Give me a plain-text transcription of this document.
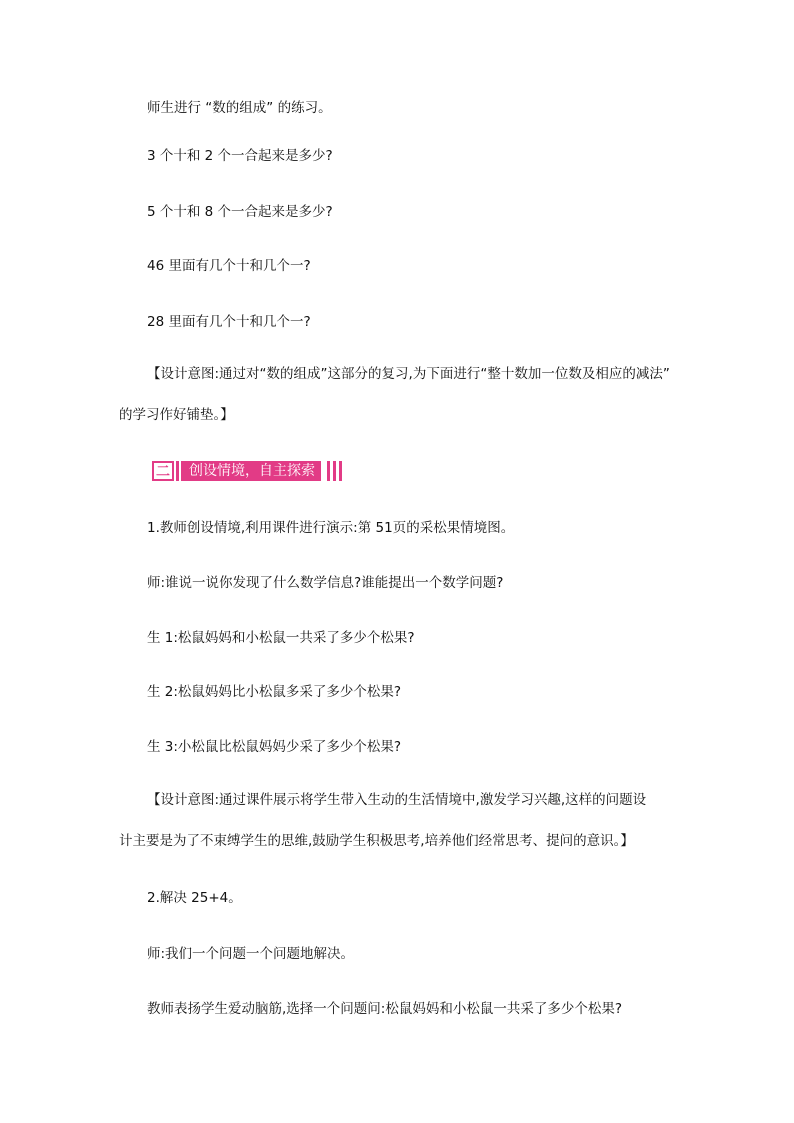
师生进行 “数的组成” 的练习。
3 个十和 2 个一合起来是多少?
5 个十和 8 个一合起来是多少?
46 里面有几个十和几个一?
28 里面有几个十和几个一?
【设计意图:通过对“数的组成”这部分的复习,为下面进行“整十数加一位数及相应的减法”
的学习作好铺垫。】
二	创设情境，自主探索
1.教师创设情境,利用课件进行演示:第 51页的采松果情境图。
师:谁说一说你发现了什么数学信息?谁能提出一个数学问题?
生 1:松鼠妈妈和小松鼠一共采了多少个松果?
生 2:松鼠妈妈比小松鼠多采了多少个松果?
生 3:小松鼠比松鼠妈妈少采了多少个松果?
【设计意图:通过课件展示将学生带入生动的生活情境中,激发学习兴趣,这样的问题设
计主要是为了不束缚学生的思维,鼓励学生积极思考,培养他们经常思考、提问的意识。】
2.解决 25+4。
师:我们一个问题一个问题地解决。
教师表扬学生爱动脑筋,选择一个问题问:松鼠妈妈和小松鼠一共采了多少个松果?
